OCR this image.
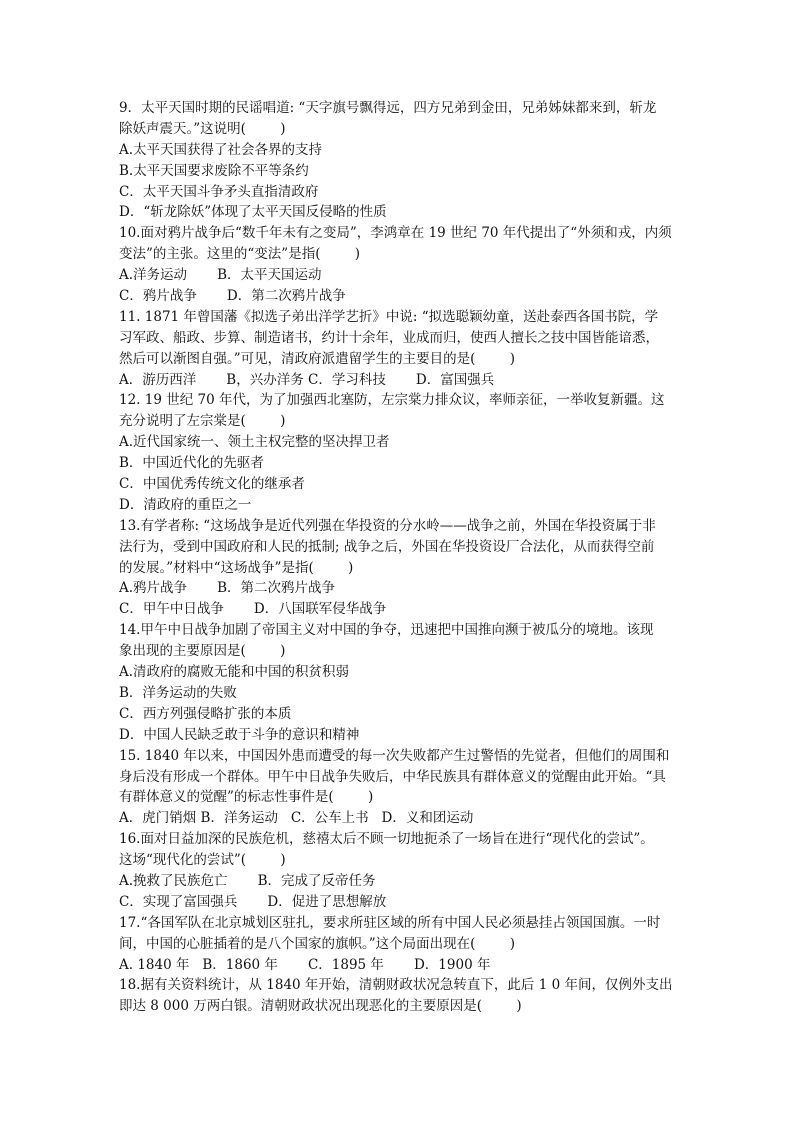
9．太平天国时期的民谣唱道: “天字旗号飘得远，四方兄弟到金田，兄弟姊妹都来到，斩龙
除妖声震天。”这说明(        )
A.太平天国获得了社会各界的支持
B.太平天国要求废除不平等条约
C．太平天国斗争矛头直指清政府
D．“斩龙除妖”体现了太平天国反侵略的性质
10.面对鸦片战争后“数千年未有之变局”，李鸿章在 19 世纪 70 年代提出了“外须和戎，内须
变法”的主张。这里的“变法”是指(        )
A.洋务运动       B．太平天国运动
C．鸦片战争       D．第二次鸦片战争
11. 1871 年曾国藩《拟选子弟出洋学艺折》中说: “拟选聪颖幼童，送赴泰西各国书院，学
习军政、船政、步算、制造诸书，约计十余年，业成而归，使西人擅长之技中国皆能谙悉，
然后可以渐图自强。”可见，清政府派遣留学生的主要目的是(        )
A．游历西洋       B，兴办洋务 C．学习科技       D．富国强兵
12. 19 世纪 70 年代，为了加强西北塞防，左宗棠力排众议，率师亲征，一举收复新疆。这
充分说明了左宗棠是(        )
A.近代国家统一、领土主权完整的坚决捍卫者
B．中国近代化的先驱者
C．中国优秀传统文化的继承者
D．清政府的重臣之一
13.有学者称: “这场战争是近代列强在华投资的分水岭——战争之前，外国在华投资属于非
法行为，受到中国政府和人民的抵制; 战争之后，外国在华投资设厂合法化，从而获得空前
的发展。”材料中“这场战争”是指(        )
A.鸦片战争       B．第二次鸦片战争
C．甲午中日战争       D．八国联军侵华战争
14.甲午中日战争加剧了帝国主义对中国的争夺，迅速把中国推向濒于被瓜分的境地。该现
象出现的主要原因是(        )
A.清政府的腐败无能和中国的积贫积弱
B．洋务运动的失败
C．西方列强侵略扩张的本质
D．中国人民缺乏敢于斗争的意识和精神
15. 1840 年以来，中国因外患而遭受的每一次失败都产生过警悟的先觉者，但他们的周围和
身后没有形成一个群体。甲午中日战争失败后，中华民族具有群体意义的觉醒由此开始。“具
有群体意义的觉醒”的标志性事件是(        )
A．虎门销烟 B．洋务运动   C．公车上书   D．义和团运动
16.面对日益加深的民族危机，慈禧太后不顾一切地扼杀了一场旨在进行“现代化的尝试”。
这场“现代化的尝试”(        )
A.挽救了民族危亡       B．完成了反帝任务
C．实现了富国强兵       D．促进了思想解放
17.“各国军队在北京城划区驻扎，要求所驻区域的所有中国人民必须悬挂占领国国旗。一时
间，中国的心脏插着的是八个国家的旗帜。”这个局面出现在(        )
A. 1840 年   B．1860 年       C．1895 年       D．1900 年
18.据有关资料统计，从 1840 年开始，清朝财政状况急转直下，此后 1 0 年间，仅例外支出
即达 8 000 万两白银。清朝财政状况出现恶化的主要原因是(        )
